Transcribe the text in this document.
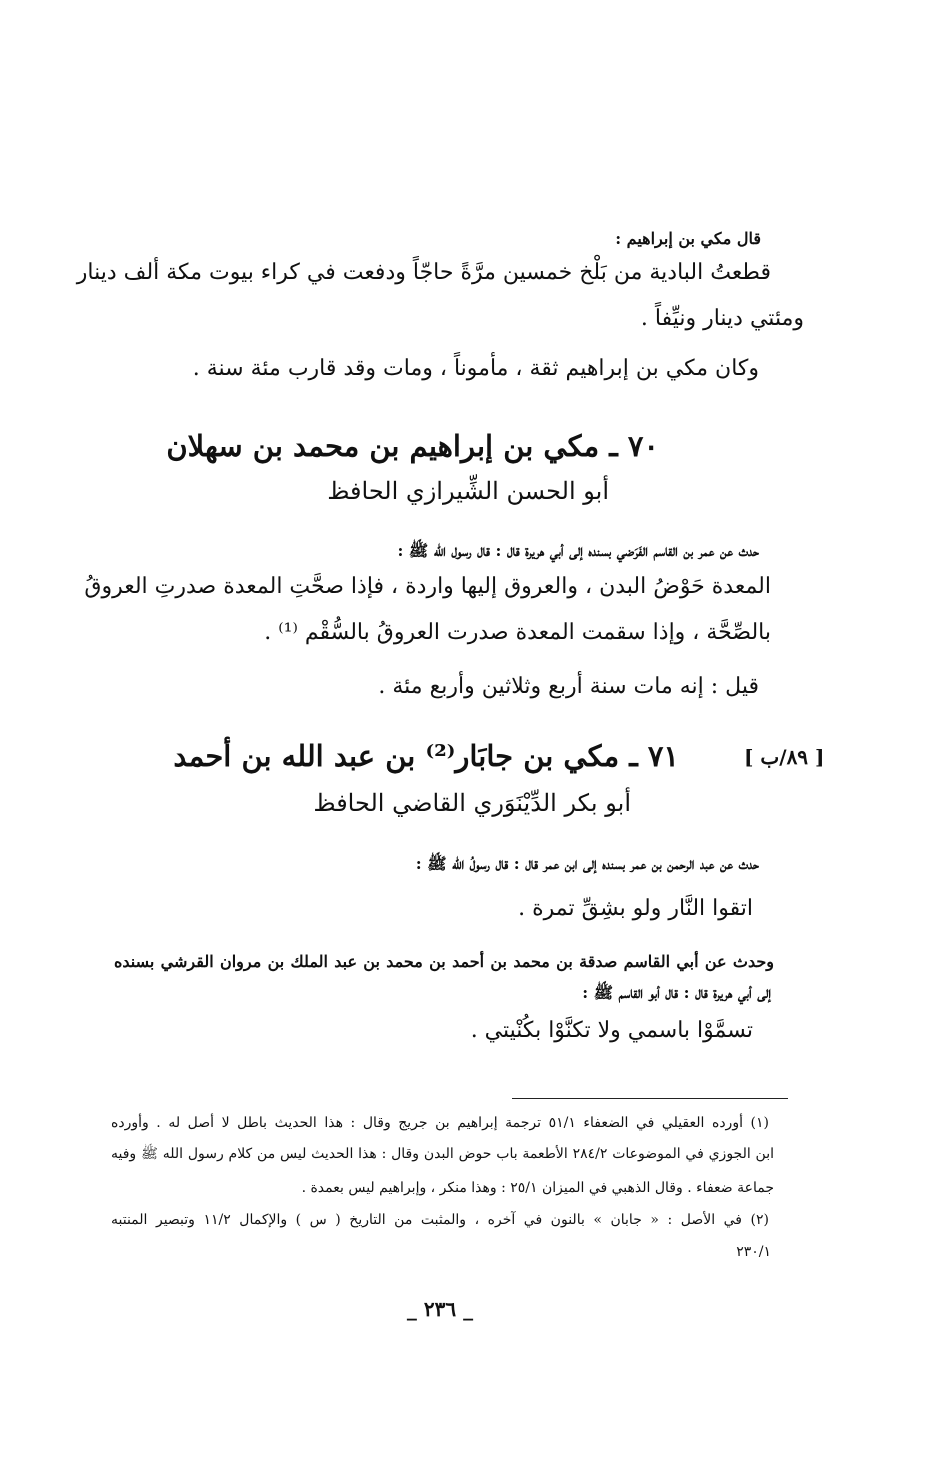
قال مكي بن إبراهيم :
قطعتُ البادية من بَلْخ خمسين مرَّةً حاجّاً ودفعت في كراء بيوت مكة ألف دينار
ومئتي دينار ونيِّفاً .
وكان مكي بن إبراهيم ثقة ، مأموناً ، ومات وقد قارب مئة سنة .
٧٠ ـ مكي بن إبراهيم بن محمد بن سهلان
أبو الحسن الشِّيرازي الحافظ
حدث عن عمر بن القاسم الفَرَضي بسنده إلى أبي هريرة قال : قال رسول الله ﷺ :
المعدة حَوْضُ البدن ، والعروق إليها واردة ، فإذا صحَّتِ المعدة صدرتِ العروقُ
بالصِّحَّة ، وإذا سقمت المعدة صدرت العروقُ بالسُّقْم ⁽¹⁾ .
قيل : إنه مات سنة أربع وثلاثين وأربع مئة .
[ ٨٩/ب ]
٧١ ـ مكي بن جابَار⁽²⁾ بن عبد الله بن أحمد
أبو بكر الدِّيْنَوَري القاضي الحافظ
حدث عن عبد الرحمن بن عمر بسنده إلى ابن عمر قال : قال رسولُ الله ﷺ :
اتقوا النَّار ولو بشِقِّ تمرة .
وحدث عن أبي القاسم صدقة بن محمد بن أحمد بن محمد بن عبد الملك بن مروان القرشي بسنده
إلى أبي هريرة قال : قال أبو القاسم ﷺ :
تسمَّوْا باسمي ولا تكنَّوْا بكُنْيتي .
(١) أورده العقيلي في الضعفاء ٥١/١ ترجمة إبراهيم بن جريج وقال : هذا الحديث باطل لا أصل له . وأورده
ابن الجوزي في الموضوعات ٢٨٤/٢ الأطعمة باب حوض البدن وقال : هذا الحديث ليس من كلام رسول الله ﷺ وفيه
جماعة ضعفاء . وقال الذهبي في الميزان ٢٥/١ : وهذا منكر ، وإبراهيم ليس بعمدة .
(٢) في الأصل : « جابان » بالنون في آخره ، والمثبت من التاريخ ( س ) والإكمال ١١/٢ وتبصير المنتبه
٢٣٠/١
_ ٢٣٦ _
